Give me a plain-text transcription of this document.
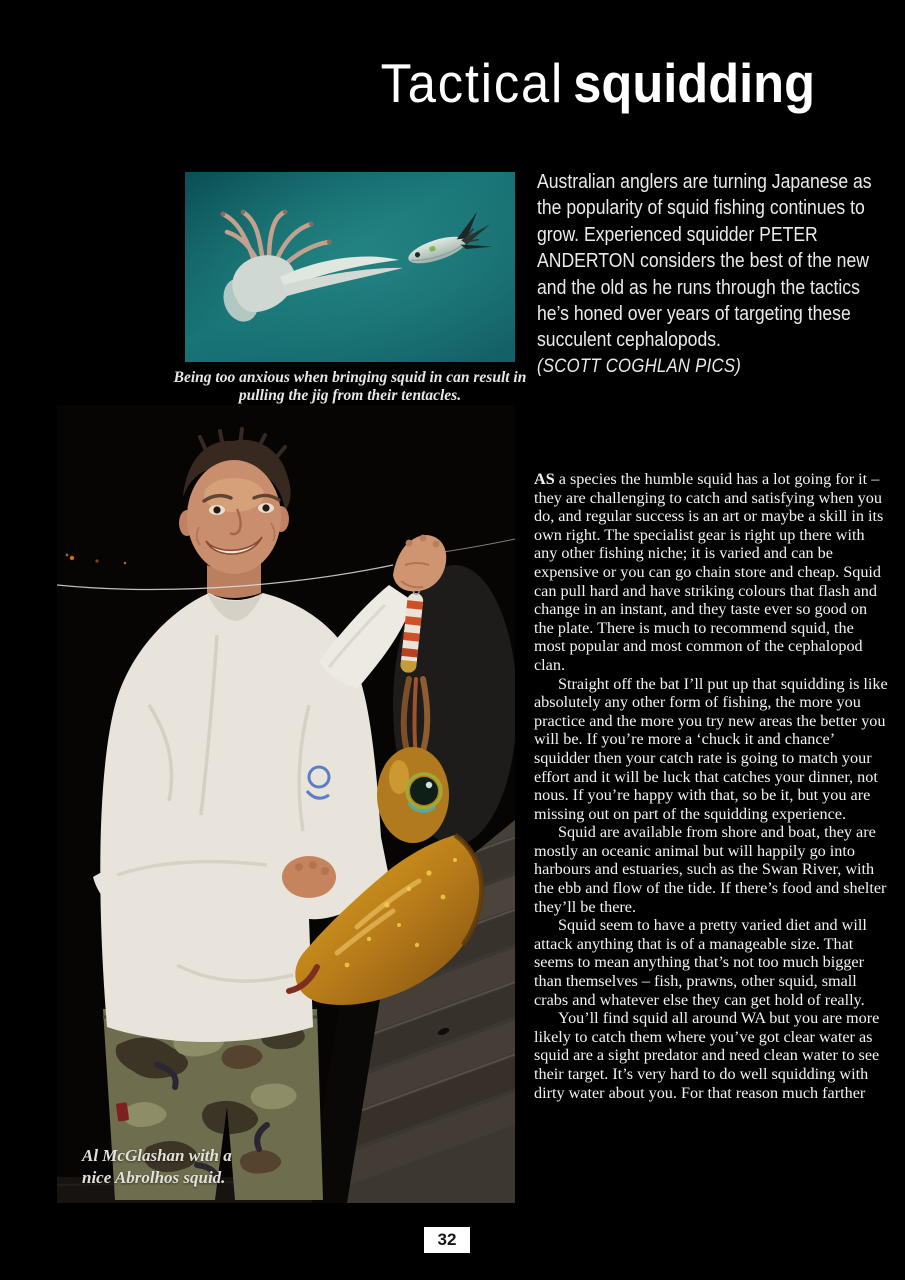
Tactical squidding
Being too anxious when bringing squid in can result in pulling the jig from their tentacles.
Australian anglers are turning Japanese as the popularity of squid fishing continues to grow. Experienced squidder PETER ANDERTON considers the best of the new and the old as he runs through the tactics he’s honed over years of targeting these succulent cephalopods.
(SCOTT COGHLAN PICS)
Al McGlashan with a
nice Abrolhos squid.

AS a species the humble squid has a lot going for it – they are challenging to catch and satisfying when you do, and regular success is an art or maybe a skill in its own right. The specialist gear is right up there with any other fishing niche; it is varied and can be expensive or you can go chain store and cheap. Squid can pull hard and have striking colours that flash and change in an instant, and they taste ever so good on the plate. There is much to recommend squid, the most popular and most common of the cephalopod clan.

Straight off the bat I’ll put up that squidding is like absolutely any other form of fishing, the more you practice and the more you try new areas the better you will be. If you’re more a ‘chuck it and chance’ squidder then your catch rate is going to match your effort and it will be luck that catches your dinner, not nous. If you’re happy with that, so be it, but you are missing out on part of the squidding experience.

Squid are available from shore and boat, they are mostly an oceanic animal but will happily go into harbours and estuaries, such as the Swan River, with the ebb and flow of the tide. If there’s food and shelter they’ll be there.

Squid seem to have a pretty varied diet and will attack anything that is of a manageable size. That seems to mean anything that’s not too much bigger than themselves – fish, prawns, other squid, small crabs and whatever else they can get hold of really.

You’ll find squid all around WA but you are more likely to catch them where you’ve got clear water as squid are a sight predator and need clean water to see their target. It’s very hard to do well squidding with dirty water about you. For that reason much farther

32
